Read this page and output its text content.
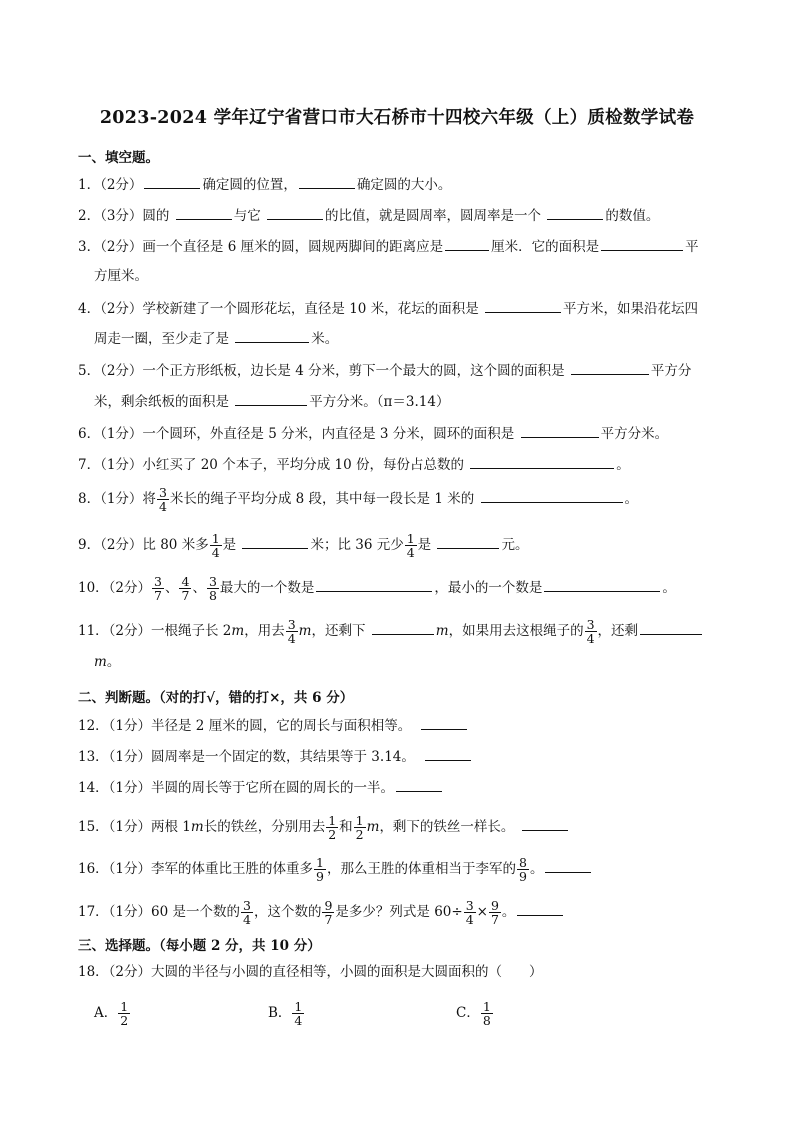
2023-2024 学年辽宁省营口市大石桥市十四校六年级（上）质检数学试卷
一、填空题。
1．（2分）	确定圆的位置，	确定圆的大小。
2．（3分）圆的	与它	的比值，就是圆周率，圆周率是一个	的数值。
3．（2分）画一个直径是 6 厘米的圆，圆规两脚间的距离应是	厘米．它的面积是	平
方厘米。
4．（2分）学校新建了一个圆形花坛，直径是 10 米，花坛的面积是	平方米，如果沿花坛四
周走一圈，至少走了是	米。
5．（2分）一个正方形纸板，边长是 4 分米，剪下一个最大的圆，这个圆的面积是	平方分
米，剩余纸板的面积是	平方分米。（π＝3.14）
6．（1分）一个圆环，外直径是 5 分米，内直径是 3 分米，圆环的面积是	平方分米。
7．（1分）小红买了 20 个本子，平均分成 10 份，每份占总数的	。
8．（1分）将 $\frac{3}{4}$ 米长的绳子平均分成 8 段，其中每一段长是 1 米的	。
9．（2分）比 80 米多 $\frac{1}{4}$ 是	米；比 36 元少 $\frac{1}{4}$ 是	元。
10．（2分） $\frac{3}{7}$ 、 $\frac{4}{7}$ 、 $\frac{3}{8}$ 最大的一个数是	，最小的一个数是	。
11．（2分）一根绳子长 2m，用去 $\frac{3}{4}$ m，还剩下	m，如果用去这根绳子的 $\frac{3}{4}$ ，还剩
m。
二、判断题。（对的打√，错的打×，共 6 分）
12．（1分）半径是 2 厘米的圆，它的周长与面积相等。
13．（1分）圆周率是一个固定的数，其结果等于 3.14。
14．（1分）半圆的周长等于它所在圆的周长的一半。
15．（1分）两根 1m长的铁丝，分别用去 $\frac{1}{2}$ 和 $\frac{1}{2}$ m，剩下的铁丝一样长。
16．（1分）李军的体重比王胜的体重多 $\frac{1}{9}$ ，那么王胜的体重相当于李军的 $\frac{8}{9}$ 。
17．（1分）60 是一个数的 $\frac{3}{4}$ ，这个数的 $\frac{9}{7}$ 是多少？列式是 $60\div \frac{3}{4} \times \frac{9}{7}$ 。
三、选择题。（每小题 2 分，共 10 分）
18．（2分）大圆的半径与小圆的直径相等，小圆的面积是大圆面积的（　　）
A． $\frac{1}{2}$	B． $\frac{1}{4}$	C． $\frac{1}{8}$
